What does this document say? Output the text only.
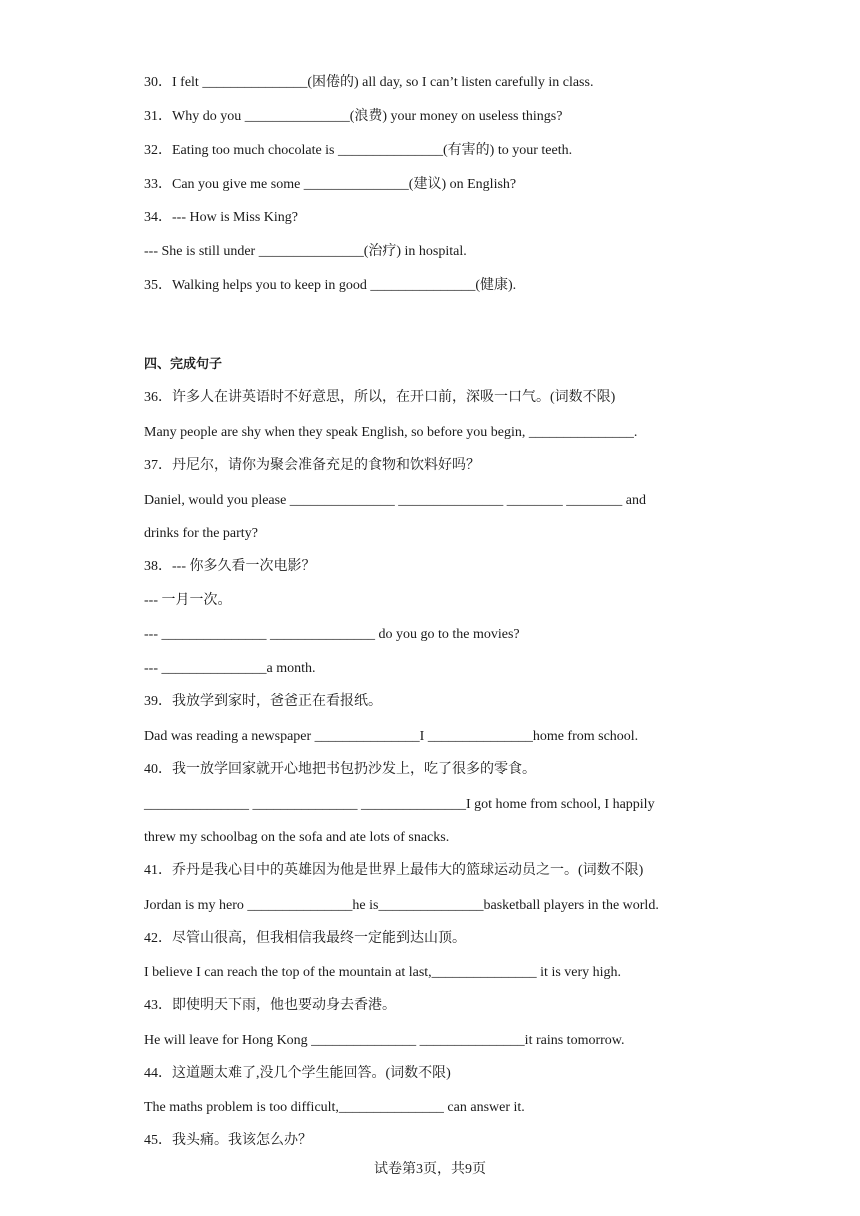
30．I felt _______________(困倦的) all day, so I can’t listen carefully in class.
31．Why do you _______________(浪费) your money on useless things?
32．Eating too much chocolate is _______________(有害的) to your teeth.
33．Can you give me some _______________(建议) on English?
34．--- How is Miss King?
--- She is still under _______________(治疗) in hospital.
35．Walking helps you to keep in good _______________(健康).
四、完成句子
36．许多人在讲英语时不好意思，所以，在开口前，深吸一口气。(词数不限)
Many people are shy when they speak English, so before you begin, _______________.
37．丹尼尔，请你为聚会准备充足的食物和饮料好吗？
Daniel, would you please _______________ _______________ ________ ________ and
drinks for the party?
38．--- 你多久看一次电影？
--- 一月一次。
--- _______________ _______________ do you go to the movies?
--- _______________a month.
39．我放学到家时，爸爸正在看报纸。
Dad was reading a newspaper _______________I _______________home from school.
40．我一放学回家就开心地把书包扔沙发上，吃了很多的零食。
_______________ _______________ _______________I got home from school, I happily
threw my schoolbag on the sofa and ate lots of snacks.
41．乔丹是我心目中的英雄因为他是世界上最伟大的篮球运动员之一。(词数不限)
Jordan is my hero _______________he is_______________basketball players in the world.
42．尽管山很高，但我相信我最终一定能到达山顶。
I believe I can reach the top of the mountain at last,_______________ it is very high.
43．即使明天下雨，他也要动身去香港。
He will leave for Hong Kong _______________ _______________it rains tomorrow.
44．这道题太难了,没几个学生能回答。(词数不限)
The maths problem is too difficult,_______________ can answer it.
45．我头痛。我该怎么办？
试卷第3页，共9页
